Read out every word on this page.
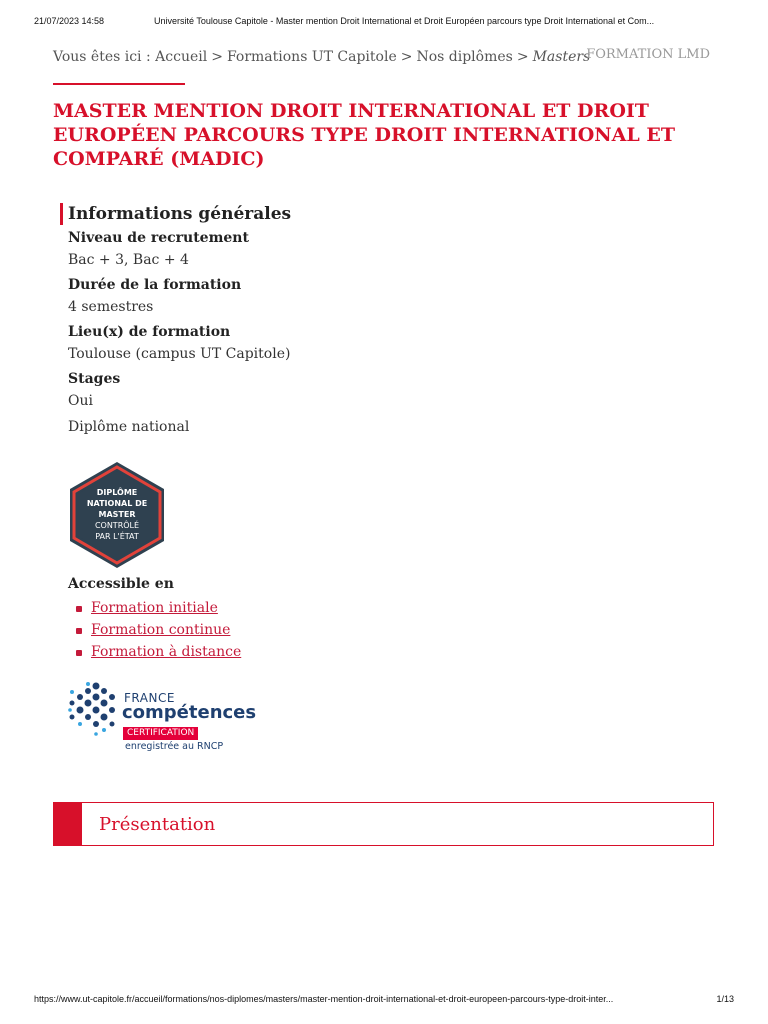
21/07/2023 14:58	Université Toulouse Capitole - Master mention Droit International et Droit Européen parcours type Droit International et Com...
Vous êtes ici : Accueil > Formations UT Capitole > Nos diplômes > Masters
FORMATION LMD
MASTER MENTION DROIT INTERNATIONAL ET DROIT EUROPÉEN PARCOURS TYPE DROIT INTERNATIONAL ET COMPARÉ (MADIC)
Informations générales
Niveau de recrutement
Bac + 3, Bac + 4
Durée de la formation
4 semestres
Lieu(x) de formation
Toulouse (campus UT Capitole)
Stages
Oui
Diplôme national
DIPLÔME
NATIONAL DE
MASTER
CONTRÔLÉ
PAR L'ÉTAT
Accessible en
Formation initiale
Formation continue
Formation à distance
FRANCE
compétences
CERTIFICATION
enregistrée au RNCP
Présentation
https://www.ut-capitole.fr/accueil/formations/nos-diplomes/masters/master-mention-droit-international-et-droit-europeen-parcours-type-droit-inter...	1/13
